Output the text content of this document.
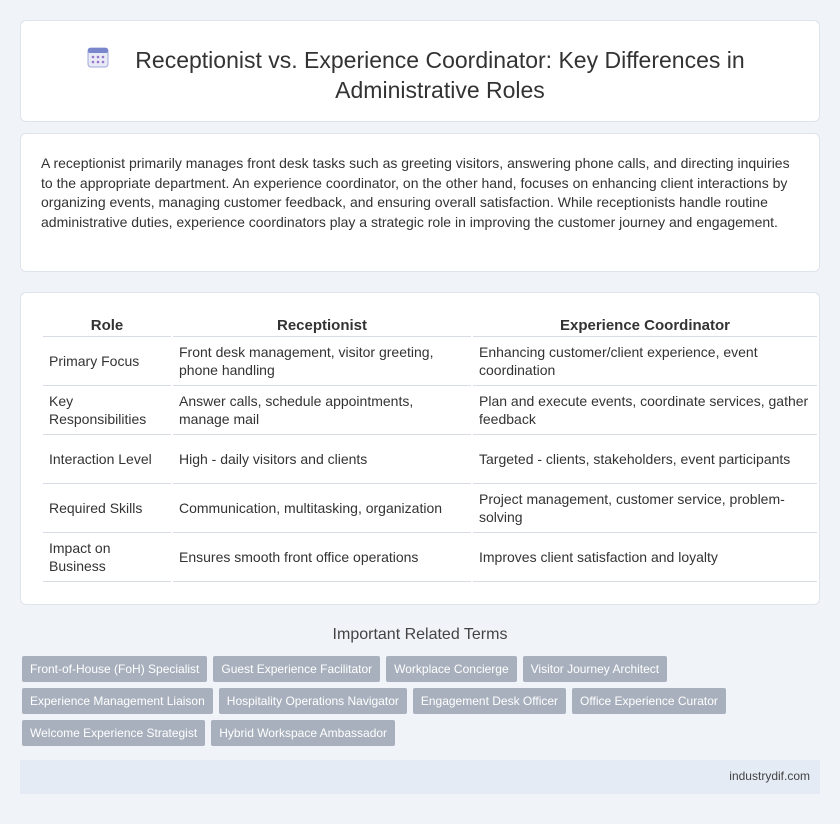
Receptionist vs. Experience Coordinator: Key Differences in Administrative Roles

A receptionist primarily manages front desk tasks such as greeting visitors, answering phone calls, and directing inquiries to the appropriate department. An experience coordinator, on the other hand, focuses on enhancing client interactions by organizing events, managing customer feedback, and ensuring overall satisfaction. While receptionists handle routine administrative duties, experience coordinators play a strategic role in improving the customer journey and engagement.

Role	Receptionist	Experience Coordinator
Primary Focus	Front desk management, visitor greeting, phone handling	Enhancing customer/client experience, event coordination
Key Responsibilities	Answer calls, schedule appointments, manage mail	Plan and execute events, coordinate services, gather feedback
Interaction Level	High - daily visitors and clients	Targeted - clients, stakeholders, event participants
Required Skills	Communication, multitasking, organization	Project management, customer service, problem-solving
Impact on Business	Ensures smooth front office operations	Improves client satisfaction and loyalty
Important Related Terms
Front-of-House (FoH) Specialist	Guest Experience Facilitator	Workplace Concierge	Visitor Journey Architect
Experience Management Liaison	Hospitality Operations Navigator	Engagement Desk Officer	Office Experience Curator
Welcome Experience Strategist	Hybrid Workspace Ambassador
industrydif.com
